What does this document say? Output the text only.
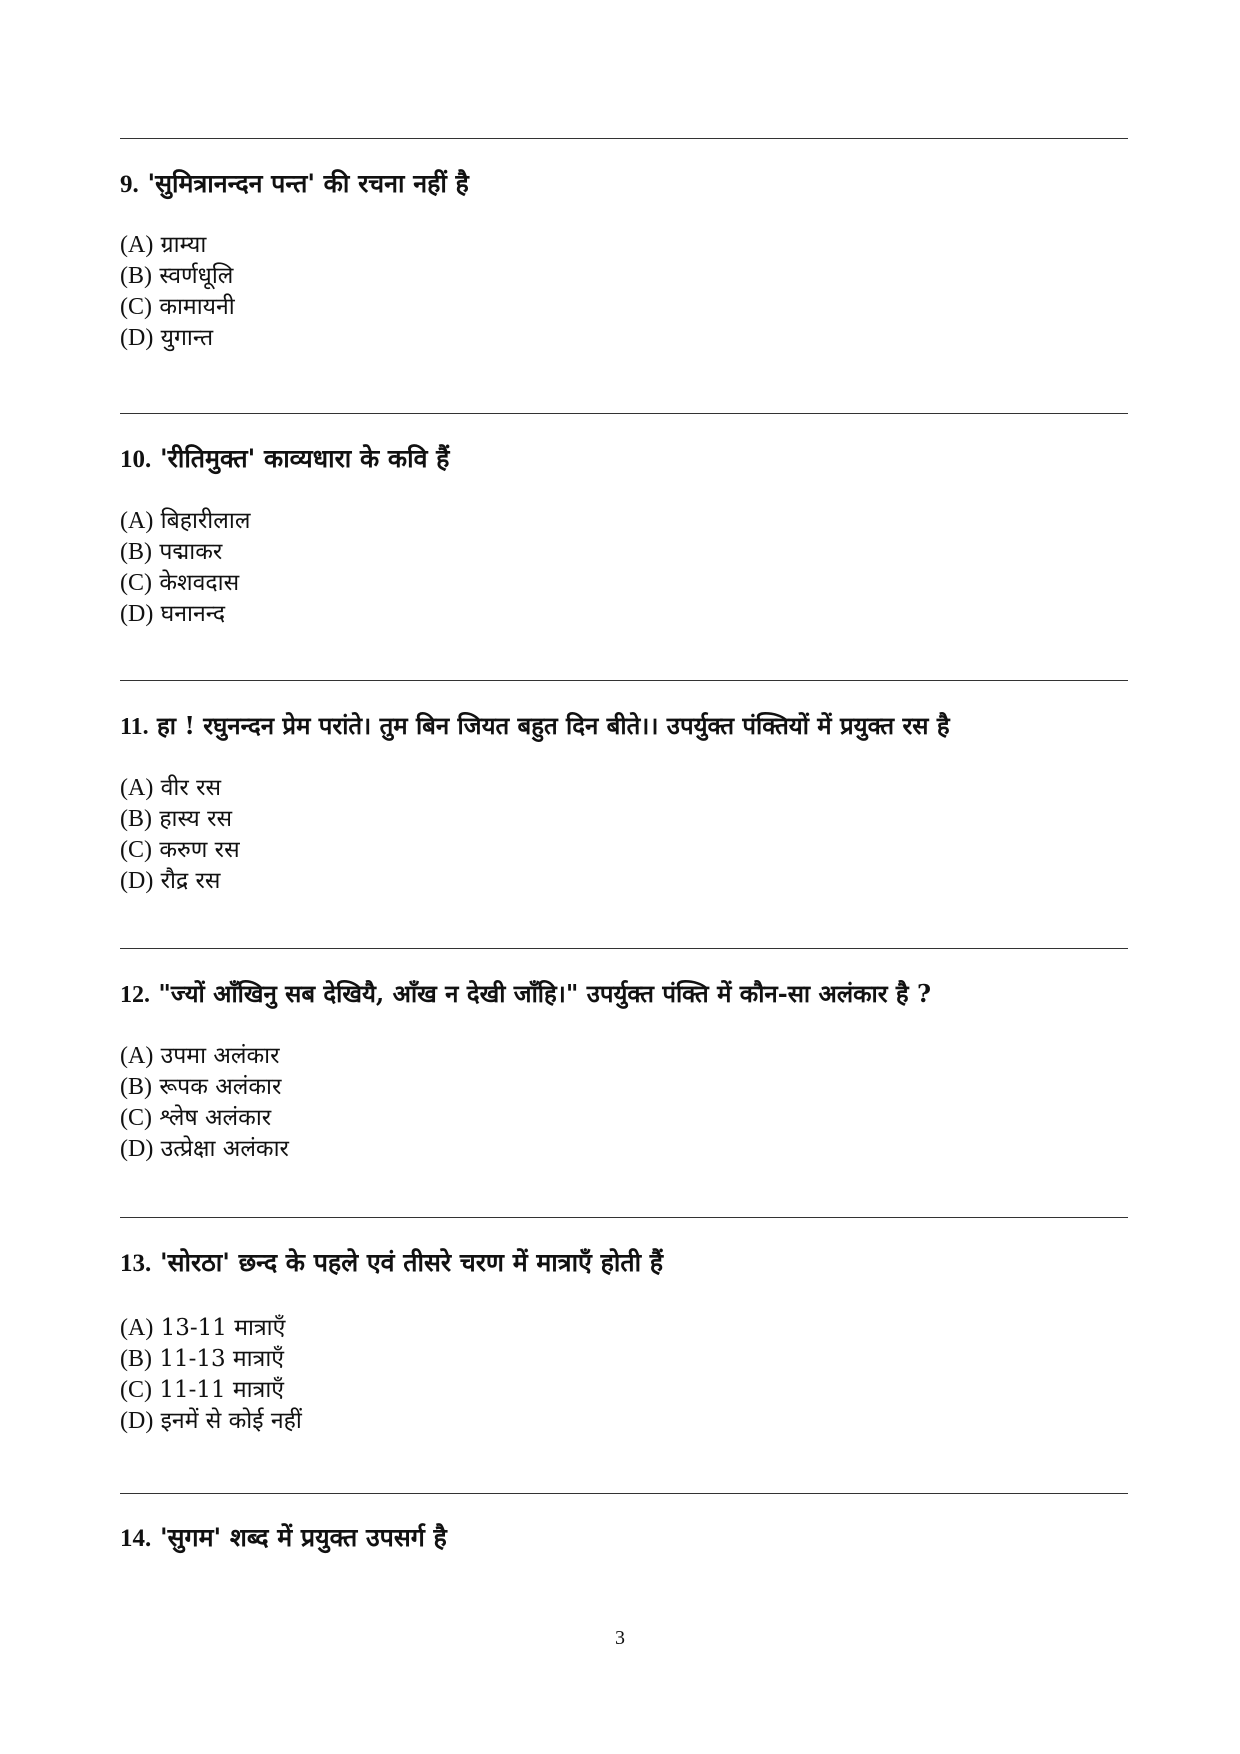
9. 'सुमित्रानन्दन पन्त' की रचना नहीं है
(A) ग्राम्या
(B) स्वर्णधूलि
(C) कामायनी
(D) युगान्त
10. 'रीतिमुक्त' काव्यधारा के कवि हैं
(A) बिहारीलाल
(B) पद्माकर
(C) केशवदास
(D) घनानन्द
11. हा ! रघुनन्दन प्रेम परांते। तुम बिन जियत बहुत दिन बीते।। उपर्युक्त पंक्तियों में प्रयुक्त रस है
(A) वीर रस
(B) हास्य रस
(C) करुण रस
(D) रौद्र रस
12. "ज्यों आँखिनु सब देखियै, आँख न देखी जाँहि।" उपर्युक्त पंक्ति में कौन-सा अलंकार है ?
(A) उपमा अलंकार
(B) रूपक अलंकार
(C) श्लेष अलंकार
(D) उत्प्रेक्षा अलंकार
13. 'सोरठा' छन्द के पहले एवं तीसरे चरण में मात्राएँ होती हैं
(A) 13-11 मात्राएँ
(B) 11-13 मात्राएँ
(C) 11-11 मात्राएँ
(D) इनमें से कोई नहीं
14. 'सुगम' शब्द में प्रयुक्त उपसर्ग है
3
